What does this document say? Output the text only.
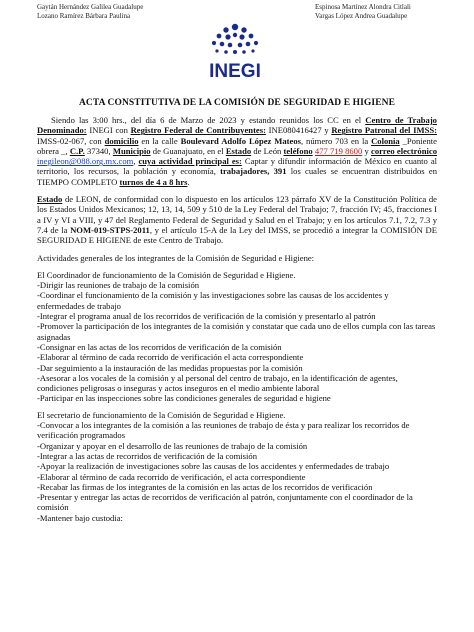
Gaytán Hernández Galilea Guadalupe
Lozano Ramírez Bárbara Paulina
Espinosa Martínez Alondra Citlali
Vargas López Andrea Guadalupe
INEGI
ACTA CONSTITUTIVA DE LA COMISIÓN DE SEGURIDAD E HIGIENE

Siendo las 3:00 hrs., del día 6 de Marzo de 2023 y estando reunidos los CC en el Centro de Trabajo Denominado: INEGI con Registro Federal de Contribuyentes: INE080416427 y Registro Patronal del IMSS: IMSS-02-067, con domicilio en la calle Boulevard Adolfo López Mateos, número 703 en la Colonia _Poniente obrera _, C.P. 37340, Municipio de Guanajuato, en el Estado de León teléfono 477 719 8600 y correo electrónico inegileon@088.org.mx.com, cuya actividad principal es: Captar y difundir información de México en cuanto al territorio, los recursos, la población y economía, trabajadores, 391 los cuales se encuentran distribuidos en TIEMPO COMPLETO turnos de 4 a 8 hrs.

Estado de LEON, de conformidad con lo dispuesto en los artículos 123 párrafo XV de la Constitución Política de los Estados Unidos Mexicanos; 12, 13, 14, 509 y 510 de la Ley Federal del Trabajo; 7, fracción IV; 45, fracciones I a IV y VI a VIII, y 47 del Reglamento Federal de Seguridad y Salud en el Trabajo; y en los artículos 7.1, 7.2, 7.3 y 7.4 de la NOM-019-STPS-2011, y el artículo 15-A de la Ley del IMSS, se procedió a integrar la COMISIÓN DE SEGURIDAD E HIGIENE de este Centro de Trabajo.

Actividades generales de los integrantes de la Comisión de Seguridad e Higiene:

El Coordinador de funcionamiento de la Comisión de Seguridad e Higiene.
-Dirigir las reuniones de trabajo de la comisión
-Coordinar el funcionamiento de la comisión y las investigaciones sobre las causas de los accidentes y enfermedades de trabajo
-Integrar el programa anual de los recorridos de verificación de la comisión y presentarlo al patrón
-Promover la participación de los integrantes de la comisión y constatar que cada uno de ellos cumpla con las tareas asignadas
-Consignar en las actas de los recorridos de verificación de la comisión
-Elaborar al término de cada recorrido de verificación el acta correspondiente
-Dar seguimiento a la instauración de las medidas propuestas por la comisión
-Asesorar a los vocales de la comisión y al personal del centro de trabajo, en la identificación de agentes, condiciones peligrosas o inseguras y actos inseguros en el medio ambiente laboral
-Participar en las inspecciones sobre las condiciones generales de seguridad e higiene
El secretario de funcionamiento de la Comisión de Seguridad e Higiene.
-Convocar a los integrantes de la comisión a las reuniones de trabajo de ésta y para realizar los recorridos de verificación programados
-Organizar y apoyar en el desarrollo de las reuniones de trabajo de la comisión
-Integrar a las actas de recorridos de verificación de la comisión
-Apoyar la realización de investigaciones sobre las causas de los accidentes y enfermedades de trabajo
-Elaborar al término de cada recorrido de verificación, el acta correspondiente
-Recabar las firmas de los integrantes de la comisión en las actas de los recorridos de verificación
-Presentar y entregar las actas de recorridos de verificación al patrón, conjuntamente con el coordinador de la comisión
-Mantener bajo custodia:
